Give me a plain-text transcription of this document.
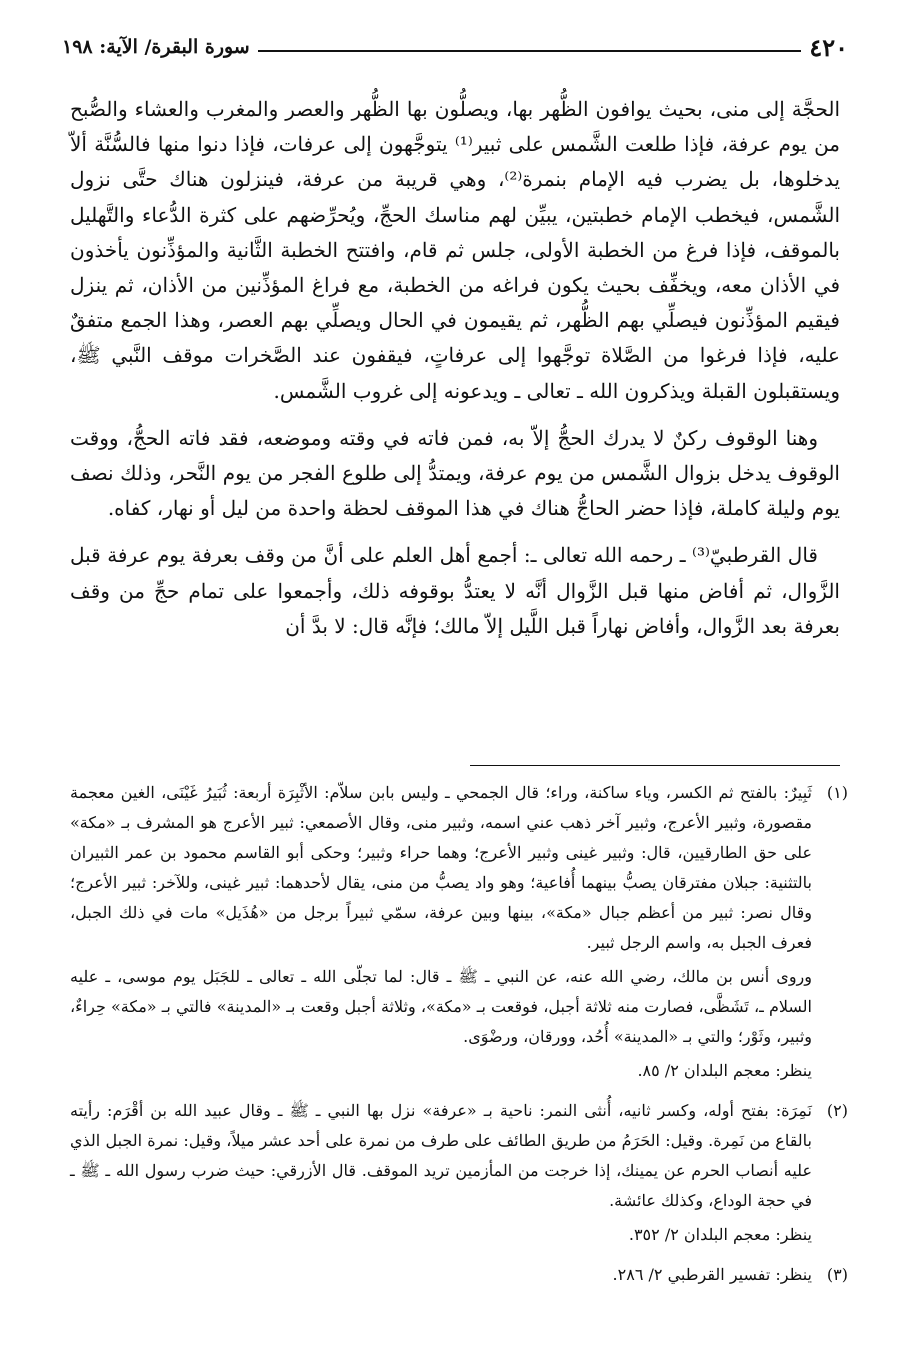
سورة البقرة/ الآية: ١٩٨	٤٢٠

الحجَّة إلى منى، بحيث يوافون الظُّهر بها، ويصلُّون بها الظُّهر والعصر والمغرب والعشاء والصُّبح من يوم عرفة، فإذا طلعت الشَّمس على ثبير⁽¹⁾ يتوجَّهون إلى عرفات، فإذا دنوا منها فالسُّنَّة ألاّ يدخلوها، بل يضرب فيه الإمام بنمرة⁽²⁾، وهي قريبة من عرفة، فينزلون هناك حتَّى نزول الشَّمس، فيخطب الإمام خطبتين، يبيِّن لهم مناسك الحجِّ، ويُحرِّضهم على كثرة الدُّعاء والتَّهليل بالموقف، فإذا فرغ من الخطبة الأولى، جلس ثم قام، وافتتح الخطبة الثَّانية والمؤذِّنون يأخذون في الأذان معه، ويخفِّف بحيث يكون فراغه من الخطبة، مع فراغ المؤذِّنين من الأذان، ثم ينزل فيقيم المؤذِّنون فيصلِّي بهم الظُّهر، ثم يقيمون في الحال ويصلِّي بهم العصر، وهذا الجمع متفقٌ عليه، فإذا فرغوا من الصَّلاة توجَّهوا إلى عرفاتٍ، فيقفون عند الصَّخرات موقف النَّبي ﷺ، ويستقبلون القبلة ويذكرون الله ـ تعالى ـ ويدعونه إلى غروب الشَّمس.

وهنا الوقوف ركنٌ لا يدرك الحجُّ إلاّ به، فمن فاته في وقته وموضعه، فقد فاته الحجُّ، ووقت الوقوف يدخل بزوال الشَّمس من يوم عرفة، ويمتدُّ إلى طلوع الفجر من يوم النَّحر، وذلك نصف يوم وليلة كاملة، فإذا حضر الحاجُّ هناك في هذا الموقف لحظة واحدة من ليل أو نهار، كفاه.

قال القرطبيّ⁽³⁾ ـ رحمه الله تعالى ـ: أجمع أهل العلم على أنَّ من وقف بعرفة يوم عرفة قبل الزَّوال، ثم أفاض منها قبل الزَّوال أنَّه لا يعتدُّ بوقوفه ذلك، وأجمعوا على تمام حجِّ من وقف بعرفة بعد الزَّوال، وأفاض نهاراً قبل اللَّيل إلاّ مالك؛ فإنَّه قال: لا بدَّ أن

(١)

ثَبِيرٌ: بالفتح ثم الكسر، وياء ساكنة، وراء؛ قال الجمحي ـ وليس بابن سلاّم: الأثْبِرَة أربعة: ثُبَيرُ غَيْنَى، الغين معجمة مقصورة، وثبير الأعرج، وثبير آخر ذهب عني اسمه، وثبير منى، وقال الأصمعي: ثبير الأعرج هو المشرف بـ «مكة» على حق الطارقيين، قال: وثبير غينى وثبير الأعرج؛ وهما حراء وثبير؛ وحكى أبو القاسم محمود بن عمر الثبيران بالتثنية: جبلان مفترقان يصبُّ بينهما أُفاعية؛ وهو واد يصبُّ من منى، يقال لأحدهما: ثبير غينى، وللآخر: ثبير الأعرج؛ وقال نصر: ثبير من أعظم جبال «مكة»، بينها وبين عرفة، سمّي ثبيراً برجل من «هُذَيل» مات في ذلك الجبل، فعرف الجبل به، واسم الرجل ثبير.

وروى أنس بن مالك، رضي الله عنه، عن النبي ـ ﷺ ـ قال: لما تجلّى الله ـ تعالى ـ للجَبَل يوم موسى، ـ عليه السلام ـ، تَشَظَّى، فصارت منه ثلاثة أجبل، فوقعت بـ «مكة»، وثلاثة أجبل وقعت بـ «المدينة» فالتي بـ «مكة» حِراءٌ، وثبير، وثَوْر؛ والتي بـ «المدينة» أُحُد، وورقان، ورضْوَى.

ينظر: معجم البلدان ٢/ ٨٥.

(٢)

نَمِرَة: بفتح أوله، وكسر ثانيه، أُنثى النمر: ناحية بـ «عرفة» نزل بها النبي ـ ﷺ ـ وقال عبيد الله بن أقْرَم: رأيته بالقاع من نَمِرة. وقيل: الحَرَمُ من طريق الطائف على طرف من نمرة على أحد عشر ميلاً، وقيل: نمرة الجبل الذي عليه أنصاب الحرم عن يمينك، إذا خرجت من المأزمين تريد الموقف. قال الأزرقي: حيث ضرب رسول الله ـ ﷺ ـ في حجة الوداع، وكذلك عائشة.

ينظر: معجم البلدان ٢/ ٣٥٢.

(٣)

ينظر: تفسير القرطبي ٢/ ٢٨٦.
